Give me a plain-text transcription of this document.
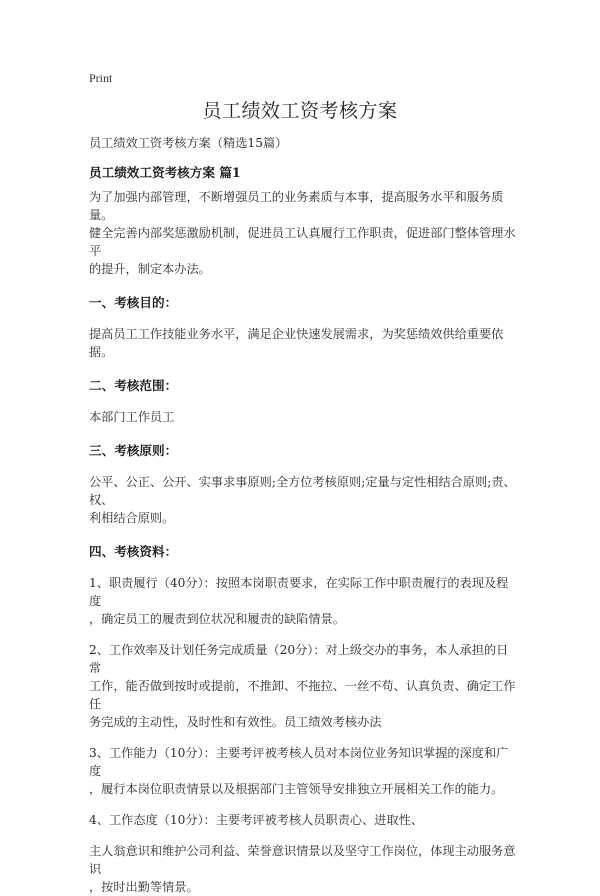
Print
员工绩效工资考核方案

员工绩效工资考核方案（精选15篇）

员工绩效工资考核方案 篇1

为了加强内部管理，不断增强员工的业务素质与本事，提高服务水平和服务质量。

健全完善内部奖惩激励机制，促进员工认真履行工作职责，促进部门整体管理水平

的提升，制定本办法。

一、考核目的：

提高员工工作技能业务水平，满足企业快速发展需求，为奖惩绩效供给重要依据。

二、考核范围：

本部门工作员工

三、考核原则：

公平、公正、公开、实事求事原则;全方位考核原则;定量与定性相结合原则;责、权、

利相结合原则。

四、考核资料：

1、职责履行（40分）：按照本岗职责要求，在实际工作中职责履行的表现及程度

，确定员工的履责到位状况和履责的缺陷情景。

2、工作效率及计划任务完成质量（20分）：对上级交办的事务，本人承担的日常

工作，能否做到按时或提前，不推卸、不拖拉、一丝不苟、认真负责、确定工作任

务完成的主动性，及时性和有效性。员工绩效考核办法

3、工作能力（10分）：主要考评被考核人员对本岗位业务知识掌握的深度和广度

，履行本岗位职责情景以及根据部门主管领导安排独立开展相关工作的能力。

4、工作态度（10分）：主要考评被考核人员职责心、进取性、

主人翁意识和维护公司利益、荣誉意识情景以及坚守工作岗位，体现主动服务意识

，按时出勤等情景。
